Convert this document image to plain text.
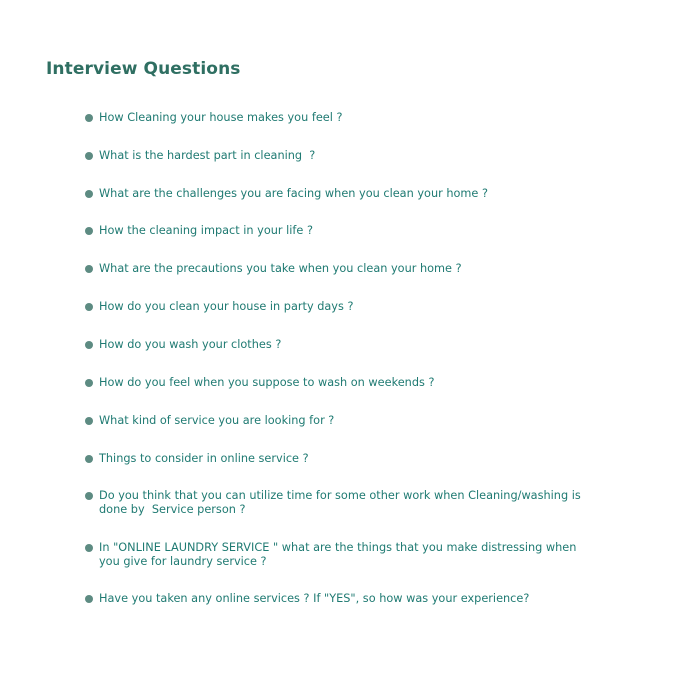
Interview Questions
How Cleaning your house makes you feel ?
What is the hardest part in cleaning  ?
What are the challenges you are facing when you clean your home ?
How the cleaning impact in your life ?
What are the precautions you take when you clean your home ?
How do you clean your house in party days ?
How do you wash your clothes ?
How do you feel when you suppose to wash on weekends ?
What kind of service you are looking for ?
Things to consider in online service ?
Do you think that you can utilize time for some other work when Cleaning/washing is done by  Service person ?
In "ONLINE LAUNDRY SERVICE " what are the things that you make distressing when you give for laundry service ?
Have you taken any online services ? If "YES", so how was your experience?
